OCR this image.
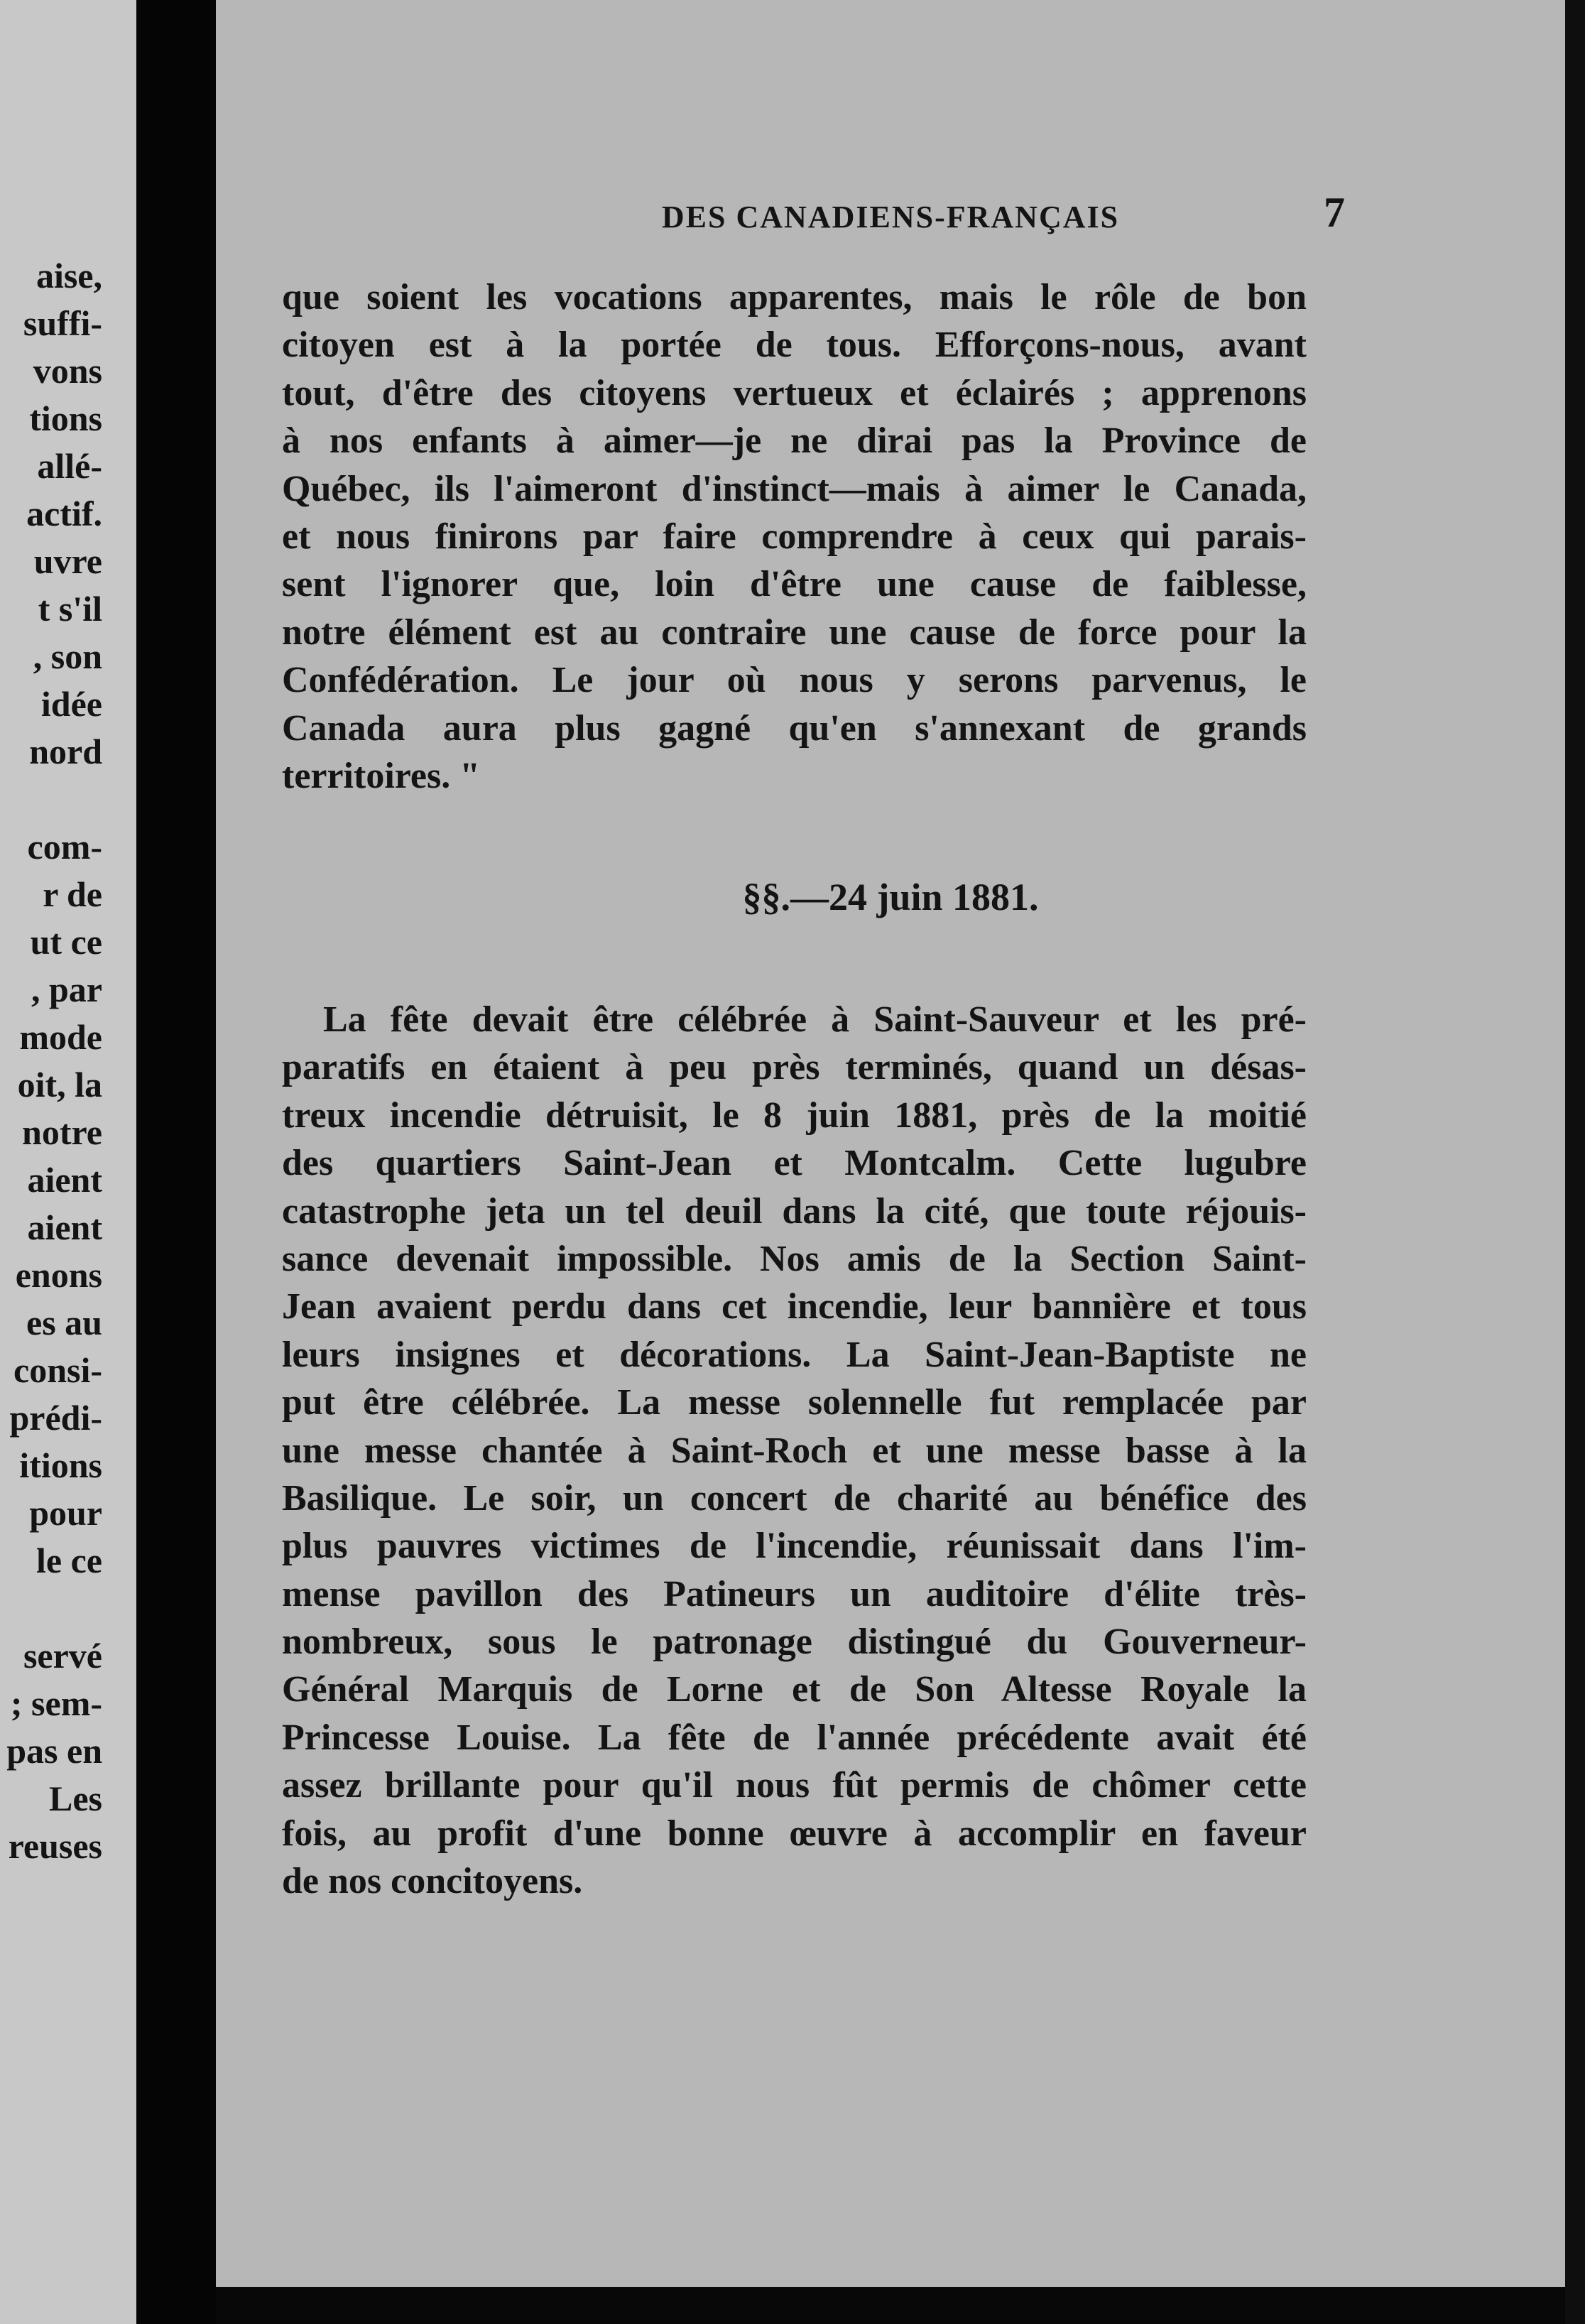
aise,
suffi-
vons
tions
allé-
actif.
uvre
t s'il
, son
idée
nord
com-
r de
ut ce
, par
mode
oit, la
notre
aient
aient
enons
es au
consi-
prédi-
itions
pour
le ce
servé
; sem-
pas en
Les
reuses
DES CANADIENS-FRANÇAIS	7
que soient les vocations apparentes, mais le rôle de bon
citoyen est à la portée de tous. Efforçons-nous, avant
tout, d'être des citoyens vertueux et éclairés ; apprenons
à nos enfants à aimer—je ne dirai pas la Province de
Québec, ils l'aimeront d'instinct—mais à aimer le Canada,
et nous finirons par faire comprendre à ceux qui parais-
sent l'ignorer que, loin d'être une cause de faiblesse,
notre élément est au contraire une cause de force pour la
Confédération. Le jour où nous y serons parvenus, le
Canada aura plus gagné qu'en s'annexant de grands
territoires. "
§§.—24 juin 1881.
La fête devait être célébrée à Saint-Sauveur et les pré-
paratifs en étaient à peu près terminés, quand un désas-
treux incendie détruisit, le 8 juin 1881, près de la moitié
des quartiers Saint-Jean et Montcalm. Cette lugubre
catastrophe jeta un tel deuil dans la cité, que toute réjouis-
sance devenait impossible. Nos amis de la Section Saint-
Jean avaient perdu dans cet incendie, leur bannière et tous
leurs insignes et décorations. La Saint-Jean-Baptiste ne
put être célébrée. La messe solennelle fut remplacée par
une messe chantée à Saint-Roch et une messe basse à la
Basilique. Le soir, un concert de charité au bénéfice des
plus pauvres victimes de l'incendie, réunissait dans l'im-
mense pavillon des Patineurs un auditoire d'élite très-
nombreux, sous le patronage distingué du Gouverneur-
Général Marquis de Lorne et de Son Altesse Royale la
Princesse Louise. La fête de l'année précédente avait été
assez brillante pour qu'il nous fût permis de chômer cette
fois, au profit d'une bonne œuvre à accomplir en faveur
de nos concitoyens.
